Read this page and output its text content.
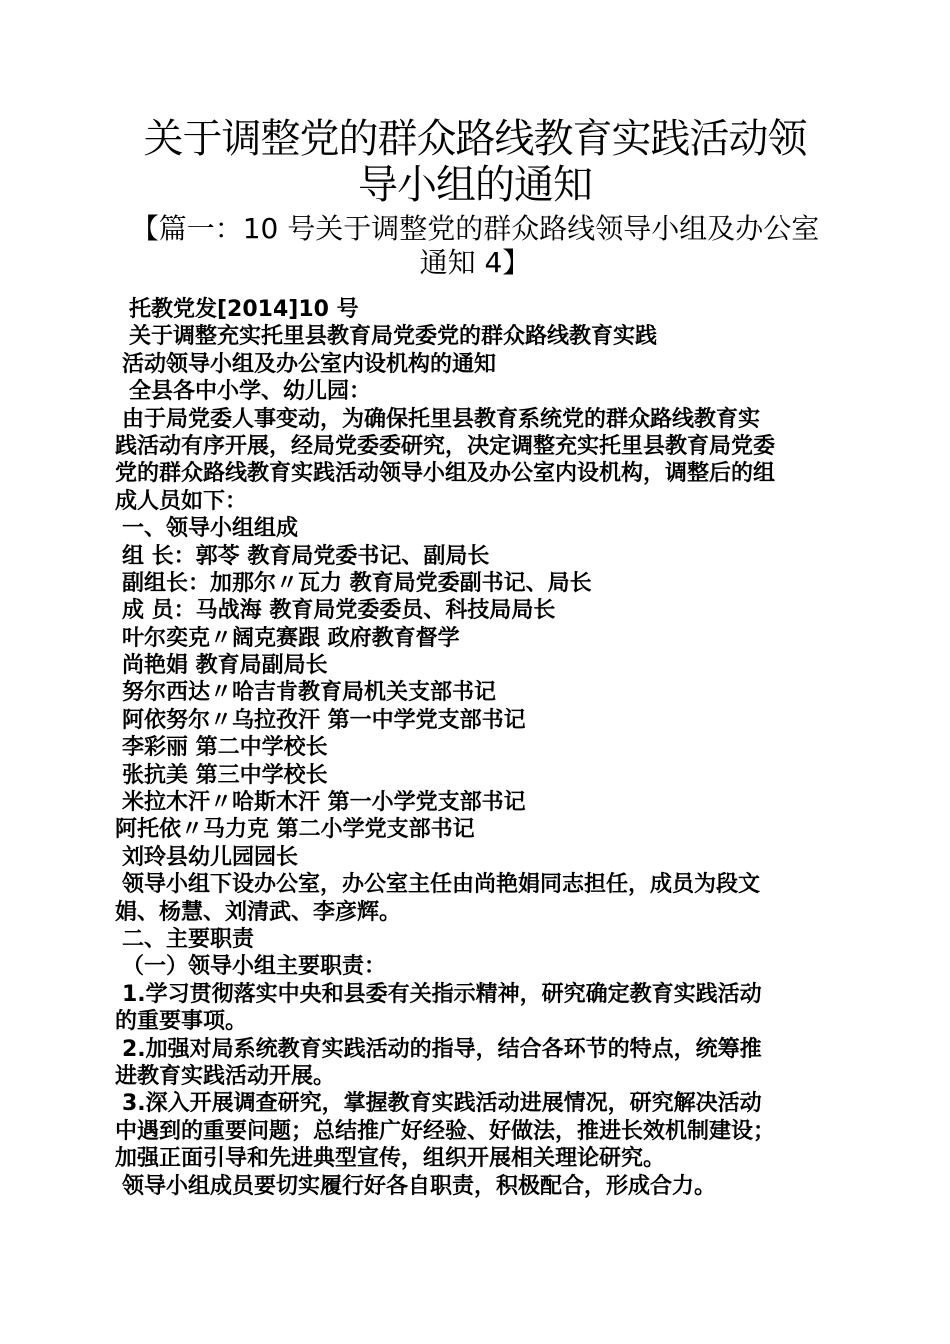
关于调整党的群众路线教育实践活动领
导小组的通知
【篇一：10 号关于调整党的群众路线领导小组及办公室
通知 4】
托教党发[2014]10 号
关于调整充实托里县教育局党委党的群众路线教育实践
活动领导小组及办公室内设机构的通知
全县各中小学、幼儿园：
由于局党委人事变动，为确保托里县教育系统党的群众路线教育实
践活动有序开展，经局党委委研究，决定调整充实托里县教育局党委
党的群众路线教育实践活动领导小组及办公室内设机构，调整后的组
成人员如下：
一、领导小组组成
组 长：郭苓 教育局党委书记、副局长
副组长：加那尔〃瓦力 教育局党委副书记、局长
成 员：马战海 教育局党委委员、科技局局长
叶尔奕克〃阔克赛跟 政府教育督学
尚艳娟 教育局副局长
努尔西达〃哈吉肯教育局机关支部书记
阿依努尔〃乌拉孜汗 第一中学党支部书记
李彩丽 第二中学校长
张抗美 第三中学校长
米拉木汗〃哈斯木汗 第一小学党支部书记
阿托依〃马力克 第二小学党支部书记
刘玲县幼儿园园长
领导小组下设办公室，办公室主任由尚艳娟同志担任，成员为段文
娟、杨慧、刘清武、李彦辉。
二、主要职责
（一）领导小组主要职责：
1.学习贯彻落实中央和县委有关指示精神，研究确定教育实践活动
的重要事项。
2.加强对局系统教育实践活动的指导，结合各环节的特点，统筹推
进教育实践活动开展。
3.深入开展调查研究，掌握教育实践活动进展情况，研究解决活动
中遇到的重要问题；总结推广好经验、好做法，推进长效机制建设；
加强正面引导和先进典型宣传，组织开展相关理论研究。
领导小组成员要切实履行好各自职责，积极配合，形成合力。
